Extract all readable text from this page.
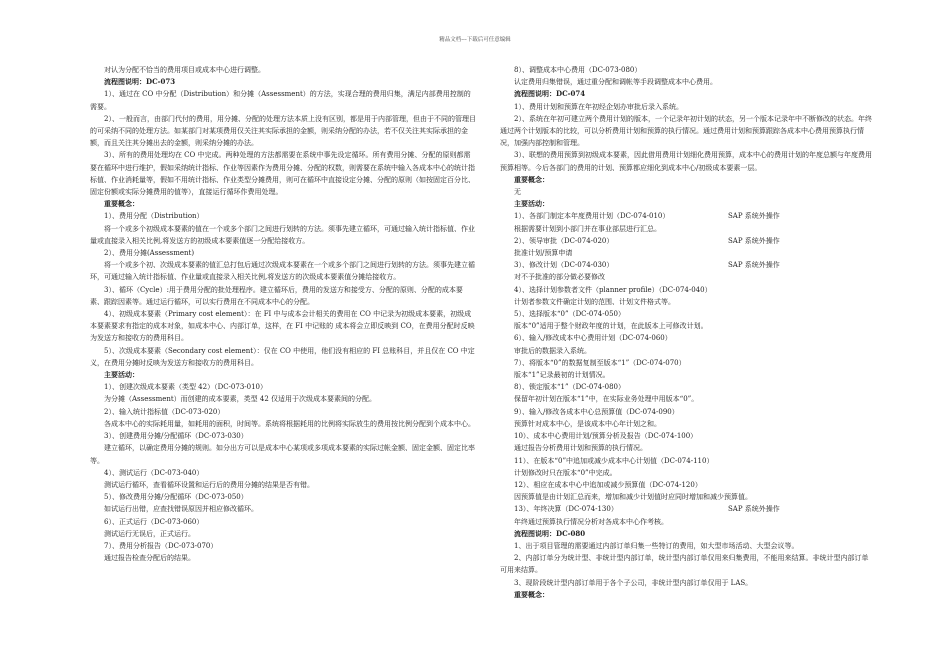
精品文档---下载后可任意编辑

对认为分配不恰当的费用项目或成本中心进行调整。

流程图说明：DC-073

1）、通过在 CO 中分配（Distribution）和分摊（Assessment）的方法，实现合理的费用归集，满足内部费用控制的需要。

2）、一般而言，由部门代付的费用，用分摊、分配的处理方法本质上没有区别，都是用于内部管理，但由于不同的管理目的可采纳不同的处理方法。如某部门对某项费用仅关注其实际承担的金额，则采纳分配的办法，若不仅关注其实际承担的金额，而且关注其分摊出去的金额，则采纳分摊的办法。

3）、所有的费用处理均在 CO 中完成。两种处理的方法都需要在系统中事先设定循环。所有费用分摊、分配的原则都需要在循环中进行维护，假如采纳统计指标、作业等因素作为费用分摊、分配的权数，则需要在系统中输入各成本中心的统计指标值、作业消耗量等，假如不用统计指标、作业类型分摊费用，则可在循环中直接设定分摊、分配的原则（如按固定百分比、固定份额或实际分摊费用的值等），直接运行循环作费用处理。

重要概念：

1）、费用分配（Distribution）

将一个或多个初级成本要素的值在一个或多个部门之间进行划转的方法。须事先建立循环，可通过输入统计指标值、作业量或直接录入相关比例,将发送方的初级成本要素值逐一分配给接收方。

2）、费用分摊(Assessment)

将一个或多个初、次级成本要素的值汇总打包后通过次级成本要素在一个或多个部门之间进行划转的方法。须事先建立循环，可通过输入统计指标值、作业量或直接录入相关比例,将发送方的次级成本要素值分摊给接收方。

3）、循环（Cycle）:用于费用分配的批处理程序。建立循环后，费用的发送方和接受方、分配的原则、分配的成本要素、跟踪因素等。通过运行循环，可以实行费用在不同成本中心的分配。

4）、初级成本要素（Primary cost element）：在 FI 中与成本会计相关的费用在 CO 中记录为初级成本要素，初级成本要素要求有指定的成本对象，如成本中心、内部订单，这样，在 FI 中记账的 成本将会立即反映到 CO，在费用分配时反映为发送方和接收方的费用科目。

5）、次级成本要素（Secondary cost element）：仅在 CO 中使用，他们没有相应的 FI 总账科目，并且仅在 CO 中定义，在费用分摊时反映为发送方和接收方的费用科目。

主要活动：

1）、创建次级成本要素（类型 42）（DC-073-010）

为分摊（Assessment）而创建的成本要素，类型 42 仅适用于次级成本要素间的分配。

2）、输入统计指标值（DC-073-020）

各成本中心的实际耗用量，如耗用的面积，时间等。系统将根据耗用的比例将实际放生的费用按比例分配到个成本中心。

3）、创建费用分摊/分配循环（DC-073-030）

建立循环，以确定费用分摊的规则。如分出方可以是成本中心某项或多项成本要素的实际过帐金额、固定金额、固定比率等。

4）、测试运行（DC-073-040）

测试运行循环，查看循环设置和运行后的费用分摊的结果是否有错。

5）、修改费用分摊/分配循环（DC-073-050）

如试运行出错，应查找错误原因并相应修改循环。

6）、正式运行（DC-073-060）

测试运行无误后，正式运行。

7）、费用分析报告（DC-073-070）

通过报告检查分配后的结果。

8）、调整成本中心费用（DC-073-080）

认定费用归集错误，通过重分配和调帐等手段调整成本中心费用。

流程图说明：DC-074

1）、费用计划和预算在年初经企划办审批后录入系统。

2）、系统在年初可建立两个费用计划的版本，一个记录年初计划的状态，另一个版本记录年中不断修改的状态。年终通过两个计划版本的比较，可以分析费用计划和预算的执行情况。通过费用计划和预算跟踪各成本中心费用预算执行情况，加强内部控制和管理。

3）、联想的费用预算到初级成本要素，因此借用费用计划细化费用预算，成本中心的费用计划的年度总额与年度费用预算相等。今后各部门的费用的计划、预算都应细化到成本中心/初级成本要素一层。

重要概念：

无

主要活动：

1）、各部门制定本年度费用计划（DC-074-010）	SAP 系统外操作

根据需要计划到小部门并在事业部层进行汇总。

2）、领导审批（DC-074-020）	SAP 系统外操作

批准计划/预算申请

3）、修改计划（DC-074-030）	SAP 系统外操作

对不予批准的部分做必要修改

4）、选择计划参数者文件（planner profile）（DC-074-040）

计划者参数文件确定计划的范围、计划文件格式等。

5）、选择版本“0”（DC-074-050）

版本“0”适用于整个财政年度的计划，在此版本上可修改计划。

6）、输入/修改成本中心费用计划（DC-074-060）

审批后的数据录入系统。

7）、将版本“0”的数据复制至版本“1”（DC-074-070）

版本“1”记录最初的计划情况。

8）、锁定版本“1”（DC-074-080）

保留年初计划在版本“1”中，在实际业务处理中用版本“0”。

9）、输入/修改各成本中心总预算值（DC-074-090）

预算针对成本中心，是该成本中心年计划之和。

10）、成本中心费用计划/预算分析及报告（DC-074-100）

通过报告分析费用计划和预算的执行情况。

11）、在版本“0”中追加或减少成本中心计划值（DC-074-110）

计划修改时只在版本“0”中完成。

12）、相应在成本中心中追加或减少预算值（DC-074-120）

因预算值是由计划汇总而来，增加和减少计划值时应同时增加和减少预算值。

13）、年终决算（DC-074-130）	SAP 系统外操作

年终通过预算执行情况分析对各成本中心作考核。

流程图说明：DC-080

1、出于项目管理的需要通过内部订单归集一些特订的费用，如大型市场活动、大型会议等。

2、内部订单分为统计型、非统计型内部订单，统计型内部订单仅用来归集费用，不能用来结算。非统计型内部订单可用来结算。

3、现阶段统计型内部订单用于各个子公司，非统计型内部订单仅用于 LAS。

重要概念：
